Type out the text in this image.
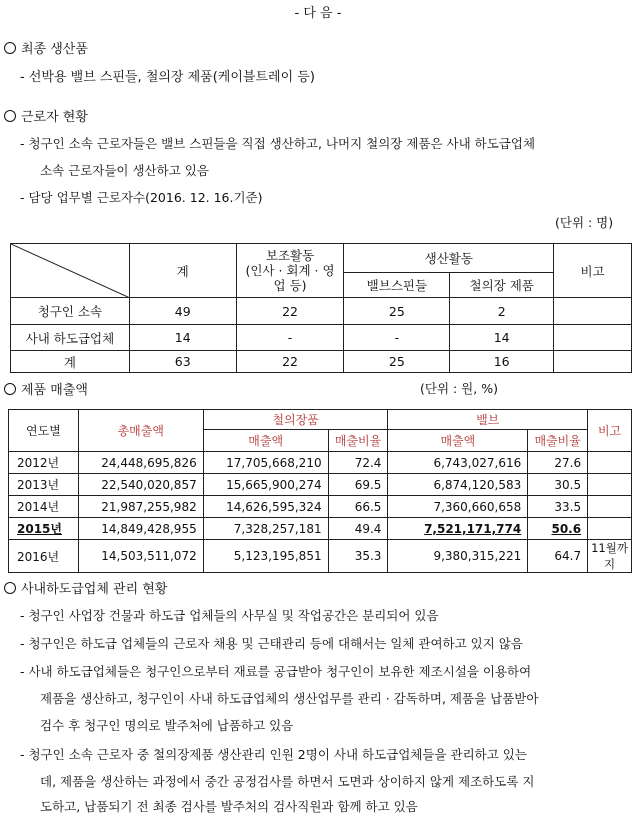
- 다 음 -
최종 생산품
- 선박용 밸브 스핀들, 철의장 제품(케이블트레이 등)
근로자 현황
- 청구인 소속 근로자들은 밸브 스핀들을 직접 생산하고, 나머지 철의장 제품은 사내 하도급업체
소속 근로자들이 생산하고 있음
- 담당 업무별 근로자수(2016. 12. 16.기준)
(단위 : 명)
	계	보조활동
(인사 · 회계 · 영
업 등)	생산활동		비고
			밸브스핀들	철의장 제품	
청구인 소속	49	22	25	2	
사내 하도급업체	14	-	-	14	
계	63	22	25	16	
제품 매출액	(단위 : 원, %)
연도별	총매출액	철의장품		밸브		비고
		매출액	매출비율	매출액	매출비율	
2012년	24,448,695,826	17,705,668,210	72.4	6,743,027,616	27.6	
2013년	22,540,020,857	15,665,900,274	69.5	6,874,120,583	30.5	
2014년	21,987,255,982	14,626,595,324	66.5	7,360,660,658	33.5	
2015년	14,849,428,955	7,328,257,181	49.4	7,521,171,774	50.6	
2016년	14,503,511,072	5,123,195,851	35.3	9,380,315,221	64.7	11월까지
사내하도급업체 관리 현황
- 청구인 사업장 건물과 하도급 업체들의 사무실 및 작업공간은 분리되어 있음
- 청구인은 하도급 업체들의 근로자 채용 및 근태관리 등에 대해서는 일체 관여하고 있지 않음
- 사내 하도급업체들은 청구인으로부터 재료를 공급받아 청구인이 보유한 제조시설을 이용하여
제품을 생산하고, 청구인이 사내 하도급업체의 생산업무를 관리 · 감독하며, 제품을 납품받아
검수 후 청구인 명의로 발주처에 납품하고 있음
- 청구인 소속 근로자 중 철의장제품 생산관리 인원 2명이 사내 하도급업체들을 관리하고 있는
데, 제품을 생산하는 과정에서 중간 공정검사를 하면서 도면과 상이하지 않게 제조하도록 지
도하고, 납품되기 전 최종 검사를 발주처의 검사직원과 함께 하고 있음
